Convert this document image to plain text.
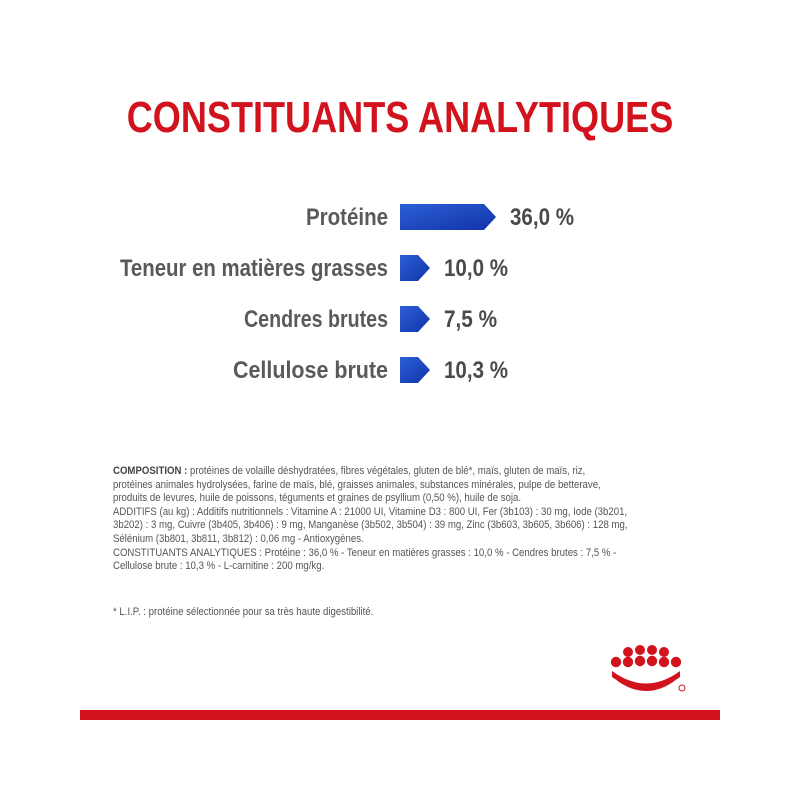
CONSTITUANTS ANALYTIQUES
Protéine	36,0 %
Teneur en matières grasses 10,0 %
Cendres brutes 7,5 %
Cellulose brute 10,3 %
COMPOSITION : protéines de volaille déshydratées, fibres végétales, gluten de blé*, maïs, gluten de maïs, riz,
protéines animales hydrolysées, farine de maïs, blé, graisses animales, substances minérales, pulpe de betterave,
produits de levures, huile de poissons, téguments et graines de psyllium (0,50 %), huile de soja.
ADDITIFS (au kg) : Additifs nutritionnels : Vitamine A : 21000 UI, Vitamine D3 : 800 UI, Fer (3b103) : 30 mg, Iode (3b201,
3b202) : 3 mg, Cuivre (3b405, 3b406) : 9 mg, Manganèse (3b502, 3b504) : 39 mg, Zinc (3b603, 3b605, 3b606) : 128 mg,
Sélénium (3b801, 3b811, 3b812) : 0,06 mg - Antioxygènes.
CONSTITUANTS ANALYTIQUES : Protéine : 36,0 % - Teneur en matières grasses : 10,0 % - Cendres brutes : 7,5 % -
Cellulose brute : 10,3 % - L-carnitine : 200 mg/kg.
* L.I.P. : protéine sélectionnée pour sa très haute digestibilité.
